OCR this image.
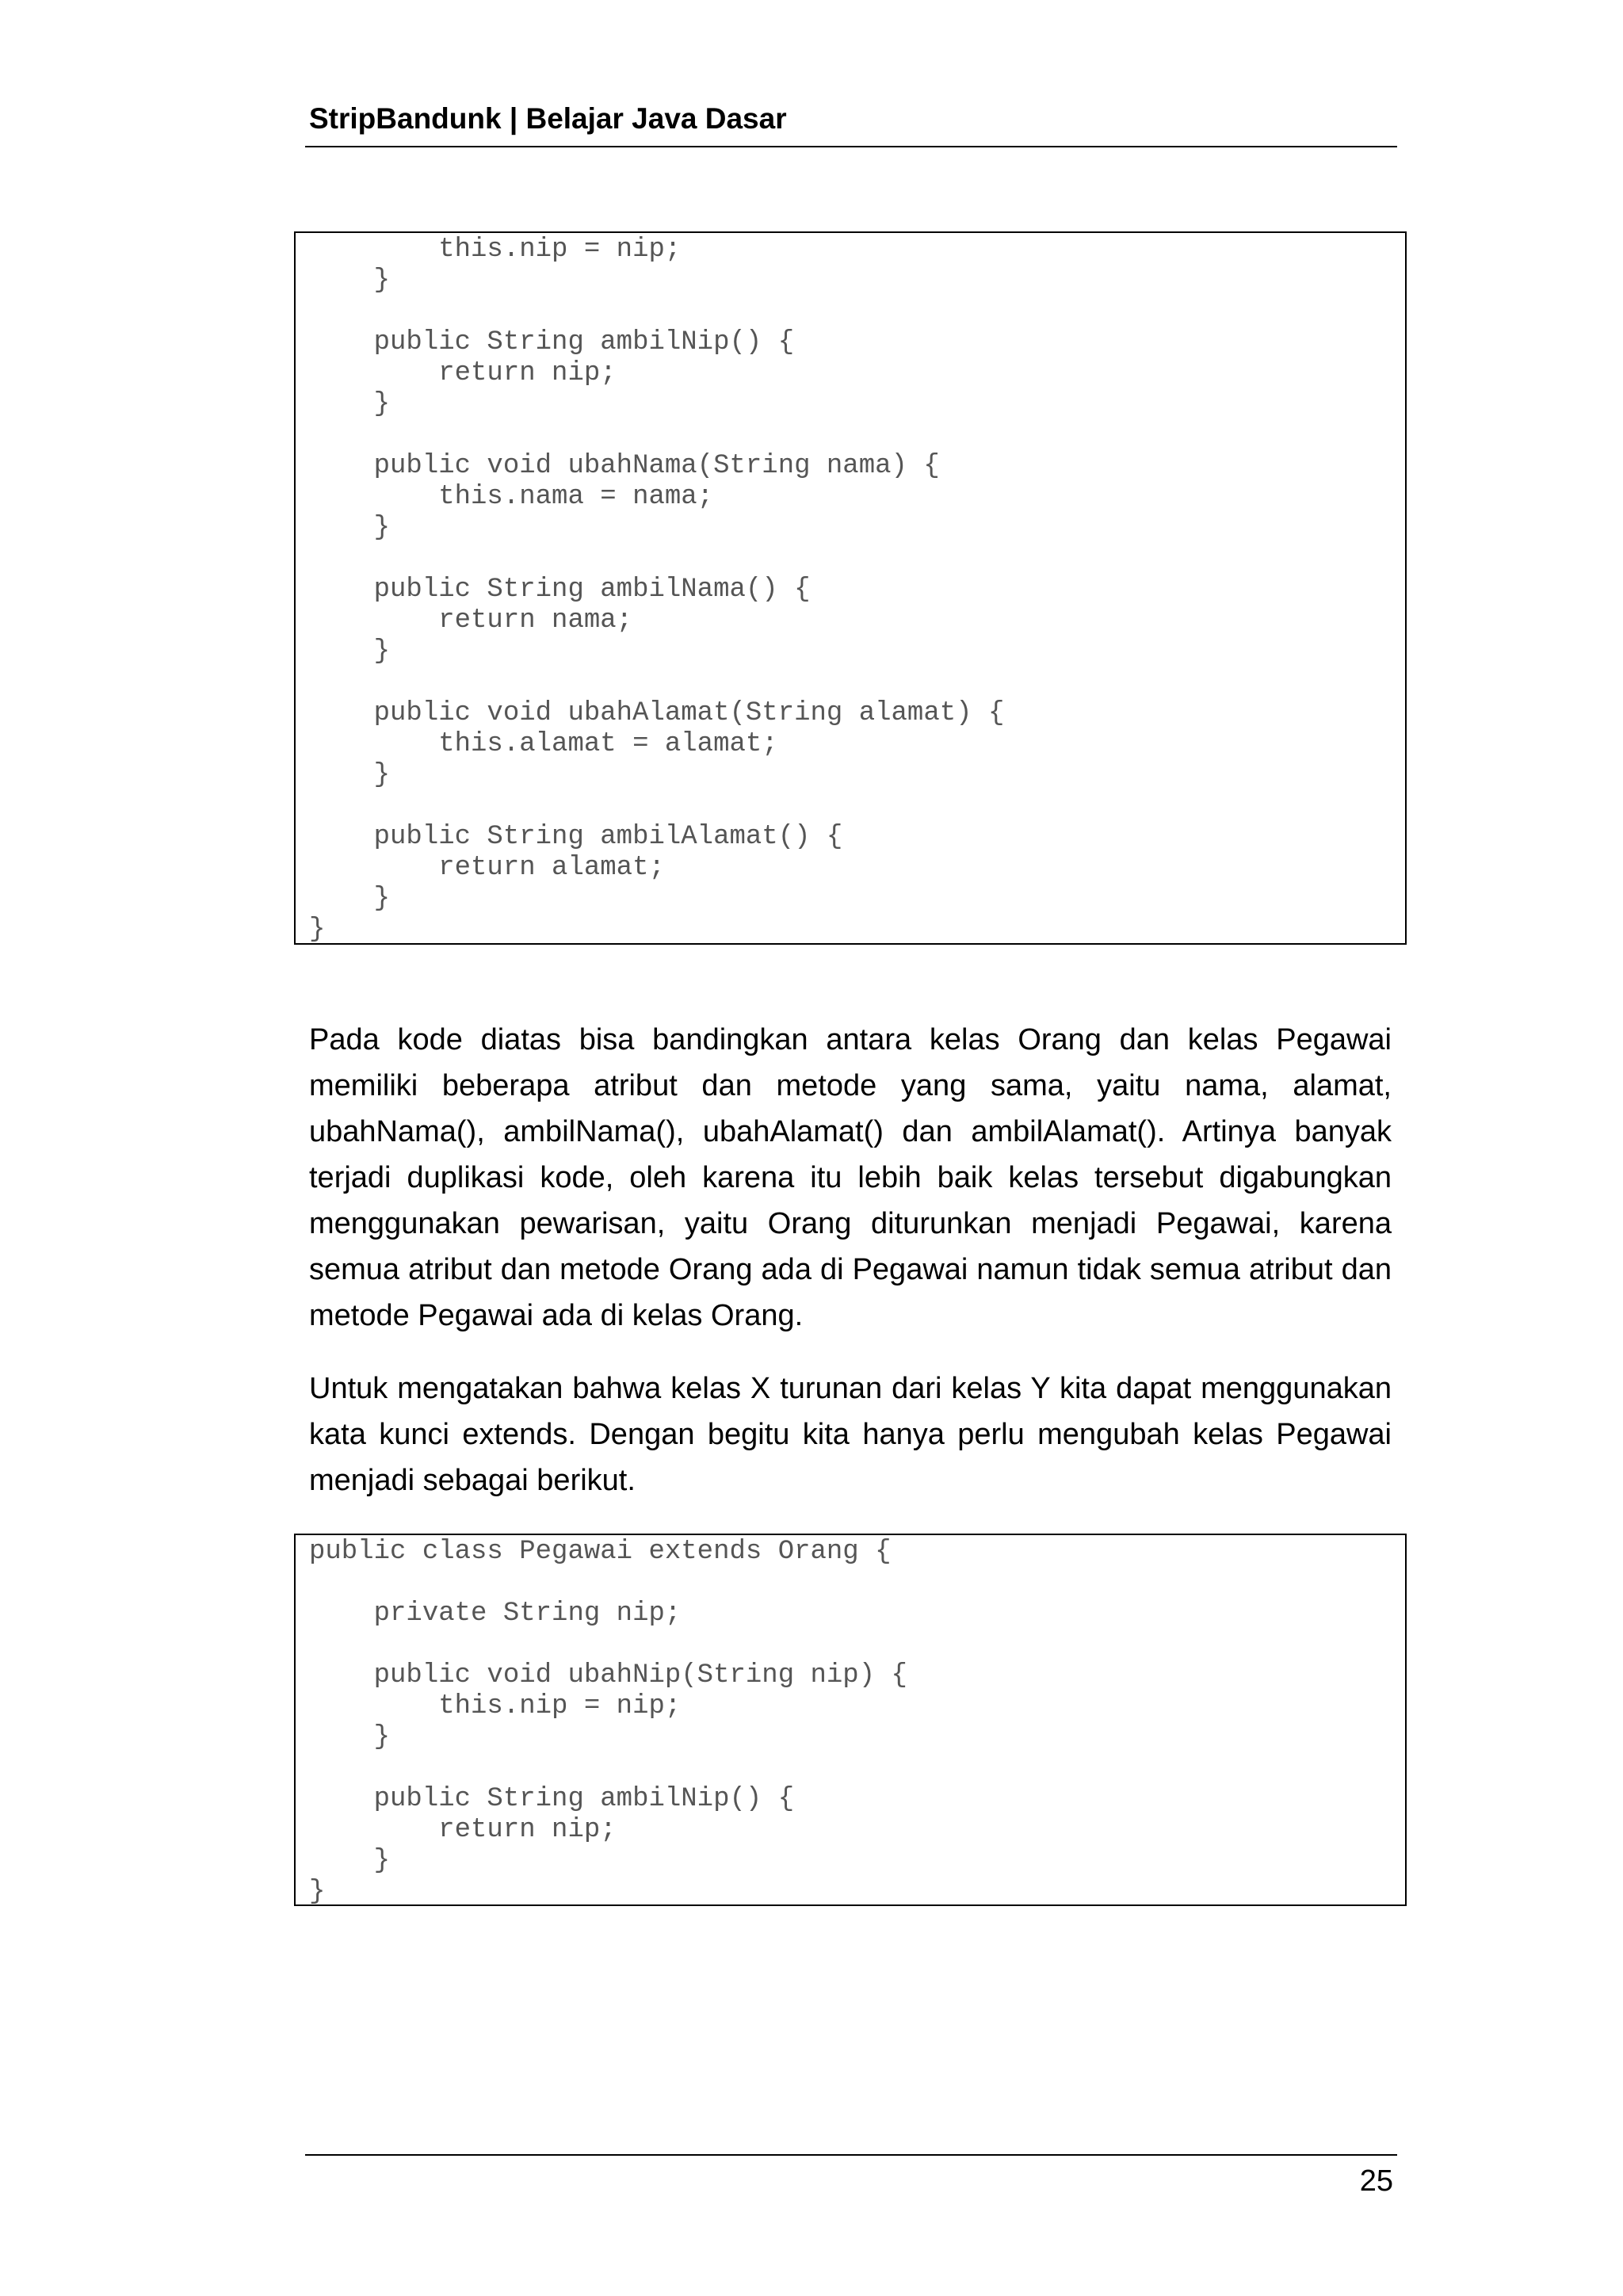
StripBandunk | Belajar Java Dasar
this.nip = nip;
}
public String ambilNip() {
return nip;
}
public void ubahNama(String nama) {
this.nama = nama;
}
public String ambilNama() {
return nama;
}
public void ubahAlamat(String alamat) {
this.alamat = alamat;
}
public String ambilAlamat() {
return alamat;
}
}

Pada kode diatas bisa bandingkan antara kelas Orang dan kelas Pegawai memiliki beberapa atribut dan metode yang sama, yaitu nama, alamat, ubahNama(), ambilNama(), ubahAlamat() dan ambilAlamat(). Artinya banyak terjadi duplikasi kode, oleh karena itu lebih baik kelas tersebut digabungkan menggunakan pewarisan, yaitu Orang diturunkan menjadi Pegawai, karena semua atribut dan metode Orang ada di Pegawai namun tidak semua atribut dan metode Pegawai ada di kelas Orang.

Untuk mengatakan bahwa kelas X turunan dari kelas Y kita dapat menggunakan kata kunci extends. Dengan begitu kita hanya perlu mengubah kelas Pegawai menjadi sebagai berikut.

public class Pegawai extends Orang {
private String nip;
public void ubahNip(String nip) {
this.nip = nip;
}
public String ambilNip() {
return nip;
}
}
25
